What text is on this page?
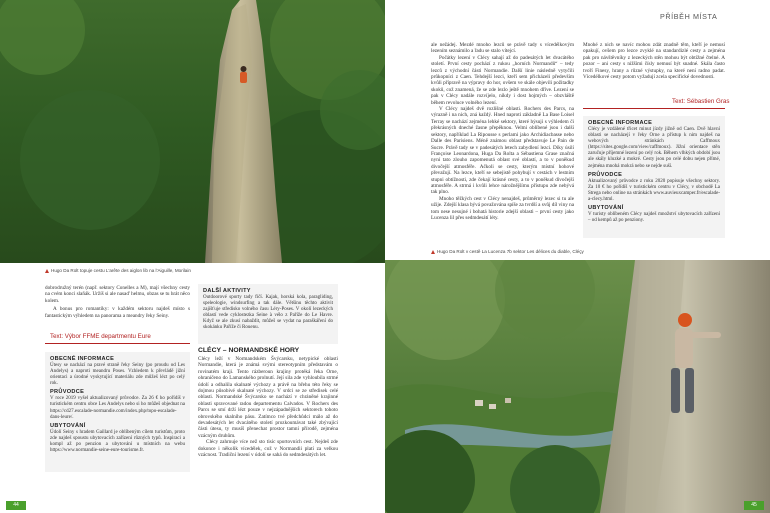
Hugo Da Rolt topuje cestu L'arête des aiglon lib na l'Aiguille, Morilain

dobrodružný terén (např. sektory Conelles a M), mají všechny cesty na cvém konci slaňák. Uržíš si ale nasad' helmu, obzas se tu hrát něco kolem.

A bonus pro romantiky: v každém sektoru najdeš místo s fantastickým výhledem na panorama a meandry řeky Seiny.

Text: Výbor FFME departmentu Eure
OBECNÉ INFORMACE

Útesy se nachází na pravé straně řeky Seiny (po proudu od Les Andelys) a naproti meandru Poses. Vzhledem k převládě jižní orientaci a úrodné vyskytující materiálu zde můžeš lézt po celý rok.

PRŮVODCE

V roce 2019 vyšel aktualizovaný průvodce. Za 26 € ho pořídíš v turistickém centru obce Les Andelys nebo si ho můžeš objednat na https://cd27.escalade-normandie.com/index.php/topo-escalade-dans-leure/.

UBYTOVÁNÍ

Údolí Seiny s hradem Gaillard je oblíbeným cílem turistům, proto zde najdeš spoustu ubytovacích zařízení různých typů. Inspiraci a kompl až po penzion a ubytování u místních na webu https://www.normandie-seine-eure-tourisme.fr.

DALŠÍ AKTIVITY

Outdoorové sporty tady fičí. Kajak, horská kola, paragliding, speleologie, windsurfing a tak dále. Většinu těchto aktivit zajišťuje středisko volného času Léry-Poses. V okolí lezeckých oblastí vede cyklostezka Seine à vélo z Pařížе do Le Havre. Když se ale zkusí nabaždit, můžeš se vydat na paraškáření do skokánku Pařížе či Rouenu.

CLÉCY – NORMANDSKÉ HORY

Clécy leží v Normandském Švýcarsku, netypické oblasti Normandie, která je známá svými stereotypním představám o rovinatém kraji. Tento rázberoun krajiny protéká řeka Orne, ohraničeno do Lamanského prolnutí. Její sila zde vyhloubila strmé údolí a odhalila skalnaté výchozy a právě na břehu této řeky se dojmou působivé skalnaté výchozy. V srdci se ze středisek celé oblasti. Normandské Švýcarsko se nachází v chráněné krajinné oblasti spravované radou departementu Calvados. V Rochers des Parcs se smí drží lézt pouze v nejzápadnějších sektorech tohoto obrovského skalního pásu. Zatímco tvé předchůdci málo až do devadesátých let dvacátého století prozkoumávat také zbývající části útesu, ty musíš přenechat prostor tamní přírodě, zejména vzácným druhům.

Clécy zahrnuje více než sto tisíc sportovních cest. Nejdeš zde dokonce i několik vícedélek, což v Normandii platí za velkou vzácnost. Tradiční lezení v údolí se sahá do sedmdesátých let.

44
PŘÍBĚH MÍSTA

ale nežádej. Mezdé mnoho lezců se právě tady s vícedélkovým lezením seznámilo a řadu se stalo vítejcí.

Počátky lezení v Clécy sahají až do padesátých let dvacátého století. První cesty pochází z rukou „horních Normandů“ – tedy lezců z východní části Normandie. Další linie následně vytyčili průkopníci z Caen. Tehdejší lezci, kteří sem přicházeli především kvůli přípravě na výpravy do hor, ovšem ve skále objevili požitadky skoků, což znamená, že se zde lezlo ještě mnohem dříve. Lezení se pak v Clécy nadále rozvíjelo, nikdy i dost hojmých – obzvláště během revoluce volného lezení.

V Clécy najdeš dvě rozlišné oblasti. Rochers des Parcs, na výrazně i na nich, zná každý. Hned naproti základně La Base Loisel Terray se nachází zejména lehké sektory, které hýsuji s výhledem či překrásných dneché žasne přepěknou. Velmi oblíbené jsou i další sektory, například La Ripousse s perlami jako Archidiacbasse nebo Dalle des Parisiens. Méně známou oblast představuje Le Pain de Sucre. Právě tady se v padesátých letech zabydlení lezci. Díky úsilí Françoise Leonardona, Huga Da Rolta a Sébastiena Grase značná nyní tato zlouho zapomenutá oblast své oblastí, a to v poněkud divočejší atmosféře. Ačkoli se cesty, kterým místní hohové převažují. Na lezce, kteří se sebejistě pohybují v cestách v lestním stupni obtížnosti, zde čekají krásné cesty, a to v poněkud divočejší atmosféře. A strmá i kvůli lehce nárožnějšímu přístupu zde nebývá tak plno.

Mnoho těžkých cest v Clécy nenajdeš, průměrný lezec si tu ale užije. Zdejší klasa bývá považována spíše za tvrdší a svůj díl viny na tom nese nesujné i bohatá historie zdejší oblasti – první cesty jako Lucenza lil přes sedmdesátí léty.

Mnohé z nich se navíc mohou zdát znadně těm, kteří je nemusí opakují, ovšem pro lezce zvyklé na standardizlé cesty a zejména pak pro návštěvníky z lezeckých stěn mohou být obtížné čtelné. A pozor – ani cesty s nižšími čísly nemusí být snadné. Skála často tvoří Finesy, hrany a různé výstupky, na které není radno padat. Vícedélkové cesty potom vyžadují zcela specifické dovednosti.

Text: Sébastien Gras
OBECNÉ INFORMACE

Clécy je vzdálené třicet minut jízdy jižně od Caen. Dvě hlavní oblasti se nacházejí v řeky Orne a přístup k nim najdeš na webových stránkách Caffmoux (https://sites.google.com/view/caffmoux). Jižní orientace stěn zaručuje příjemné lezení po celý rok. Během vlhkých období jsou ale skály kluzké a mokré. Cesty jsou po celé dobu nejen přímé, zejména mnohá mokrá nebo se nejde suší.

PRŮVODCE

Aktualizovaný průvodce z roku 2020 popisuje všechny sektory. Za 10 € ho pořídíš v turistickém centru v Clécy, v obchodě La Strega nebo online na stránkách www.auvieuxcamper.fr/escalade-a-clecy.html.

UBYTOVÁNÍ

V turisty oblíbeném Clécy najdeš množství ubytovacích zařízení – od kempů až po penziony.

Hugo Da Rolt v cestě La Lucenza 7b sektor Les délices du diable, Cléçy
45
